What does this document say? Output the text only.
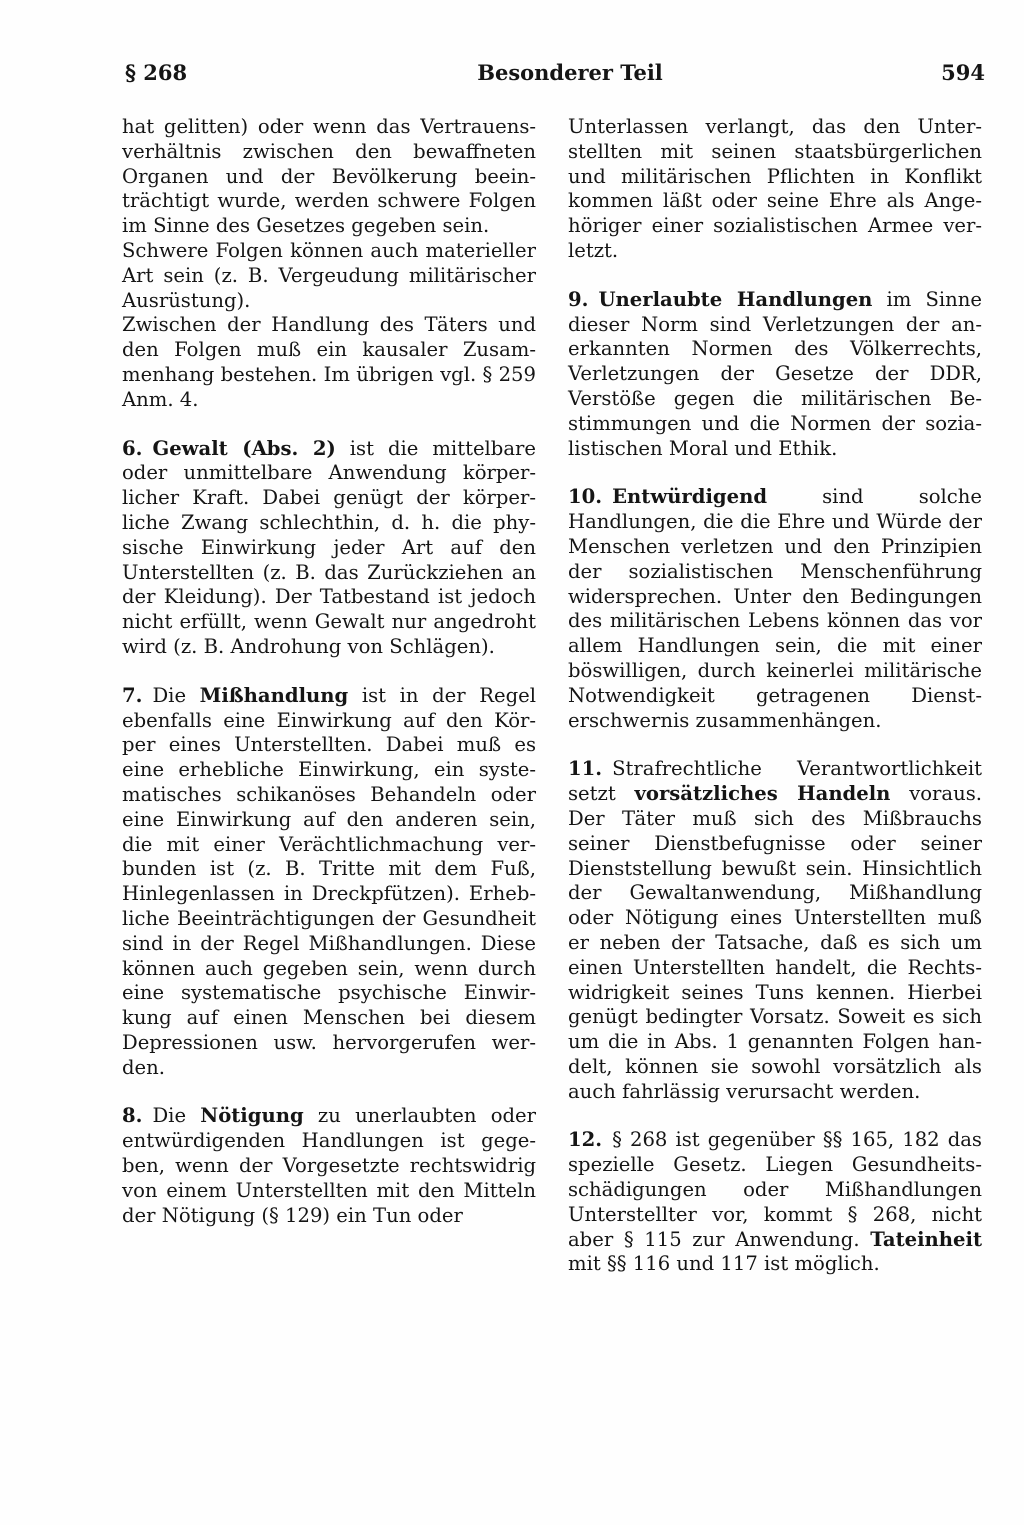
§ 268	Besonderer Teil	594

hat gelitten) oder wenn das Vertrauensverhältnis zwischen den bewaffneten Organen und der Bevölkerung beeinträchtigt wurde, werden schwere Folgen im Sinne des Gesetzes gegeben sein.

Schwere Folgen können auch materieller Art sein (z. B. Vergeudung militärischer Ausrüstung).

Zwischen der Handlung des Täters und den Folgen muß ein kausaler Zusammenhang bestehen. Im übrigen vgl. § 259 Anm. 4.

6. Gewalt (Abs. 2) ist die mittelbare oder unmittelbare Anwendung körperlicher Kraft. Dabei genügt der körperliche Zwang schlechthin, d. h. die physische Einwirkung jeder Art auf den Unterstellten (z. B. das Zurückziehen an der Kleidung). Der Tatbestand ist jedoch nicht erfüllt, wenn Gewalt nur angedroht wird (z. B. Androhung von Schlägen).

7. Die Mißhandlung ist in der Regel ebenfalls eine Einwirkung auf den Körper eines Unterstellten. Dabei muß es eine erhebliche Einwirkung, ein systematisches schikanöses Behandeln oder eine Einwirkung auf den anderen sein, die mit einer Verächtlichmachung verbunden ist (z. B. Tritte mit dem Fuß, Hinlegenlassen in Dreckpfützen). Erhebliche Beeinträchtigungen der Gesundheit sind in der Regel Mißhandlungen. Diese können auch gegeben sein, wenn durch eine systematische psychische Einwirkung auf einen Menschen bei diesem Depressionen usw. hervorgerufen werden.

8. Die Nötigung zu unerlaubten oder entwürdigenden Handlungen ist gegeben, wenn der Vorgesetzte rechtswidrig von einem Unterstellten mit den Mitteln der Nötigung (§ 129) ein Tun oder

Unterlassen verlangt, das den Unterstellten mit seinen staatsbürgerlichen und militärischen Pflichten in Konflikt kommen läßt oder seine Ehre als Angehöriger einer sozialistischen Armee verletzt.

9. Unerlaubte Handlungen im Sinne dieser Norm sind Verletzungen der anerkannten Normen des Völkerrechts, Verletzungen der Gesetze der DDR, Verstöße gegen die militärischen Bestimmungen und die Normen der sozialistischen Moral und Ethik.

10. Entwürdigend sind solche Handlungen, die die Ehre und Würde der Menschen verletzen und den Prinzipien der sozialistischen Menschenführung widersprechen. Unter den Bedingungen des militärischen Lebens können das vor allem Handlungen sein, die mit einer böswilligen, durch keinerlei militärische Notwendigkeit getragenen Diensterschwernis zusammenhängen.

11. Strafrechtliche Verantwortlichkeit setzt vorsätzliches Handeln voraus. Der Täter muß sich des Mißbrauchs seiner Dienstbefugnisse oder seiner Dienststellung bewußt sein. Hinsichtlich der Gewaltanwendung, Mißhandlung oder Nötigung eines Unterstellten muß er neben der Tatsache, daß es sich um einen Unterstellten handelt, die Rechtswidrigkeit seines Tuns kennen. Hierbei genügt bedingter Vorsatz. Soweit es sich um die in Abs. 1 genannten Folgen handelt, können sie sowohl vorsätzlich als auch fahrlässig verursacht werden.

12. § 268 ist gegenüber §§ 165, 182 das spezielle Gesetz. Liegen Gesundheitsschädigungen oder Mißhandlungen Unterstellter vor, kommt § 268, nicht aber § 115 zur Anwendung. Tateinheit mit §§ 116 und 117 ist möglich.
